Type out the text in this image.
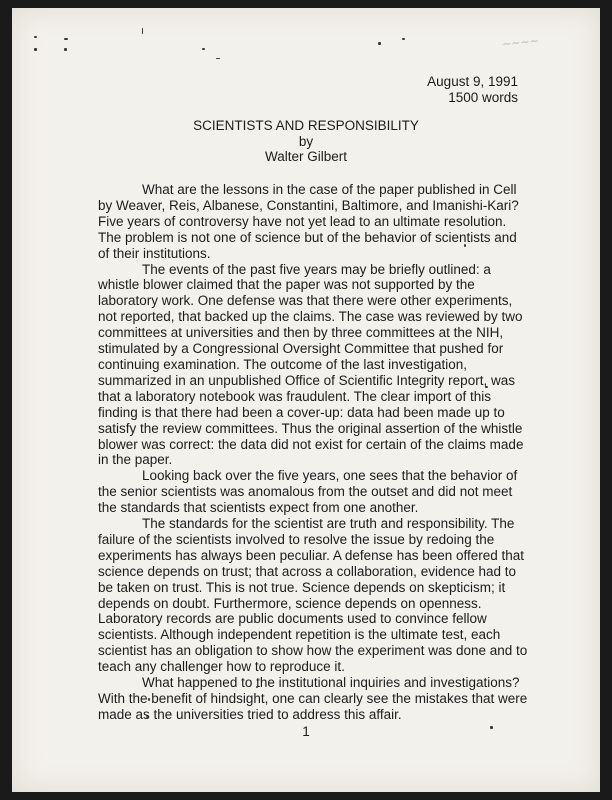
~~~~
August 9, 1991
1500 words
SCIENTISTS AND RESPONSIBILITY
by
Walter Gilbert

What are the lessons in the case of the paper published in Cell by Weaver, Reis, Albanese, Constantini, Baltimore, and Imanishi-Kari? Five years of controversy have not yet lead to an ultimate resolution. The problem is not one of science but of the behavior of scientists and of their institutions.

The events of the past five years may be briefly outlined: a whistle blower claimed that the paper was not supported by the laboratory work. One defense was that there were other experiments, not reported, that backed up the claims. The case was reviewed by two committees at universities and then by three committees at the NIH, stimulated by a Congressional Oversight Committee that pushed for continuing examination. The outcome of the last investigation, summarized in an unpublished Office of Scientific Integrity report, was that a laboratory notebook was fraudulent. The clear import of this finding is that there had been a cover-up: data had been made up to satisfy the review committees. Thus the original assertion of the whistle blower was correct: the data did not exist for certain of the claims made in the paper.

Looking back over the five years, one sees that the behavior of the senior scientists was anomalous from the outset and did not meet the standards that scientists expect from one another.

The standards for the scientist are truth and responsibility. The failure of the scientists involved to resolve the issue by redoing the experiments has always been peculiar. A defense has been offered that science depends on trust; that across a collaboration, evidence had to be taken on trust. This is not true. Science depends on skepticism; it depends on doubt. Furthermore, science depends on openness. Laboratory records are public documents used to convince fellow scientists. Although independent repetition is the ultimate test, each scientist has an obligation to show how the experiment was done and to teach any challenger how to reproduce it.

What happened to the institutional inquiries and investigations? With the benefit of hindsight, one can clearly see the mistakes that were made as the universities tried to address this affair.

1
